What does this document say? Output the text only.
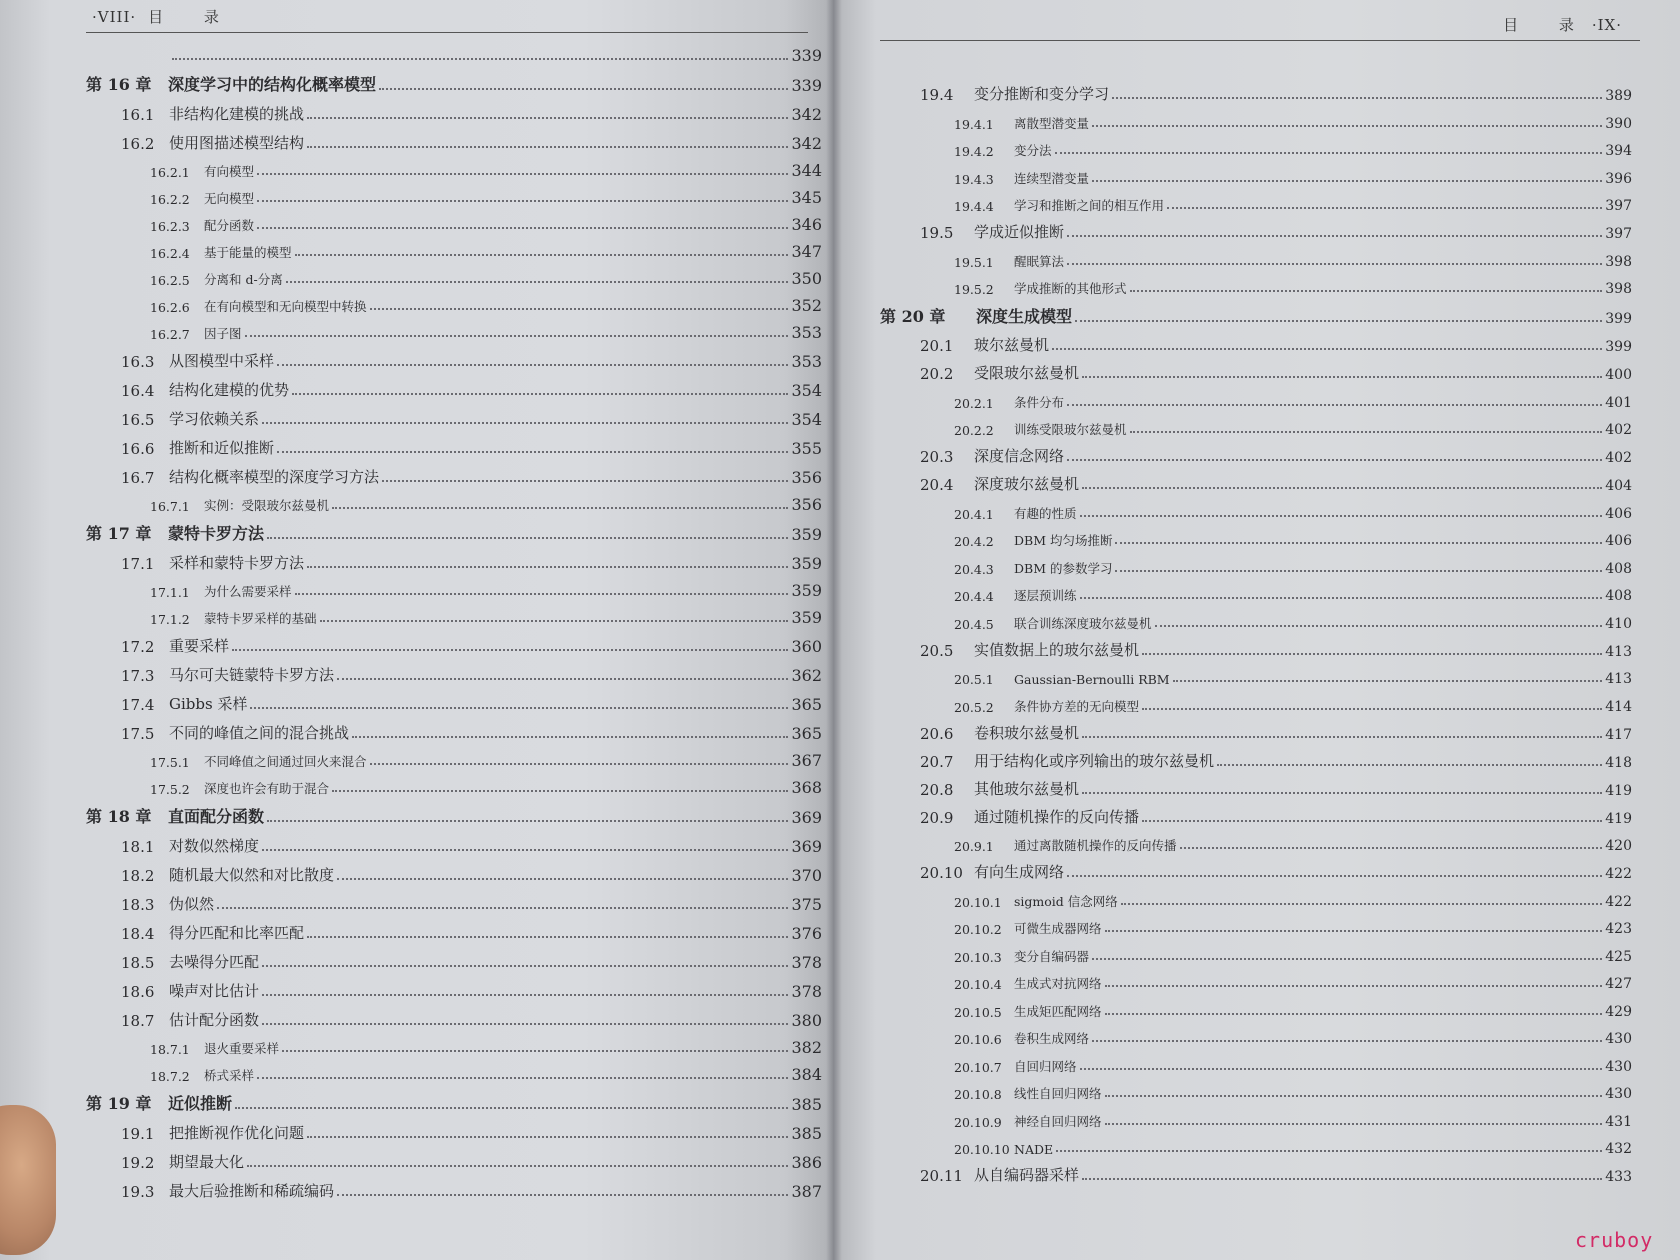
·VIII· 目 录
339
第 16 章	深度学习中的结构化概率模型	339
16.1 非结构化建模的挑战	342
16.2 使用图描述模型结构	342
16.2.1	有向模型	344
16.2.2	无向模型	345
16.2.3	配分函数	346
16.2.4	基于能量的模型	347
16.2.5	分离和 d-分离	350
16.2.6	在有向模型和无向模型中转换	352
16.2.7	因子图	353
16.3 从图模型中采样	353
16.4 结构化建模的优势	354
16.5 学习依赖关系	354
16.6 推断和近似推断	355
16.7 结构化概率模型的深度学习方法	356
16.7.1	实例：受限玻尔兹曼机	356
第 17 章	蒙特卡罗方法	359
17.1 采样和蒙特卡罗方法	359
17.1.1	为什么需要采样	359
17.1.2	蒙特卡罗采样的基础	359
17.2 重要采样	360
17.3 马尔可夫链蒙特卡罗方法	362
17.4 Gibbs 采样	365
17.5 不同的峰值之间的混合挑战	365
17.5.1	不同峰值之间通过回火来混合	367
17.5.2	深度也许会有助于混合	368
第 18 章	直面配分函数	369
18.1 对数似然梯度	369
18.2 随机最大似然和对比散度	370
18.3 伪似然	375
18.4 得分匹配和比率匹配	376
18.5 去噪得分匹配	378
18.6 噪声对比估计	378
18.7 估计配分函数	380
18.7.1	退火重要采样	382
18.7.2	桥式采样	384
第 19 章	近似推断	385
19.1 把推断视作优化问题	385
19.2 期望最大化	386
19.3 最大后验推断和稀疏编码	387
目 录·IX·
19.4	变分推断和变分学习	389
19.4.1	离散型潜变量	390
19.4.2	变分法	394
19.4.3	连续型潜变量	396
19.4.4	学习和推断之间的相互作用	397
19.5	学成近似推断	397
19.5.1	醒眠算法	398
19.5.2	学成推断的其他形式	398
第 20 章	深度生成模型	399
20.1	玻尔兹曼机	399
20.2	受限玻尔兹曼机	400
20.2.1	条件分布	401
20.2.2	训练受限玻尔兹曼机	402
20.3	深度信念网络	402
20.4	深度玻尔兹曼机	404
20.4.1	有趣的性质	406
20.4.2	DBM 均匀场推断	406
20.4.3	DBM 的参数学习	408
20.4.4	逐层预训练	408
20.4.5	联合训练深度玻尔兹曼机	410
20.5	实值数据上的玻尔兹曼机	413
20.5.1	Gaussian-Bernoulli RBM	413
20.5.2	条件协方差的无向模型	414
20.6	卷积玻尔兹曼机	417
20.7	用于结构化或序列输出的玻尔兹曼机	418
20.8	其他玻尔兹曼机	419
20.9	通过随机操作的反向传播	419
20.9.1	通过离散随机操作的反向传播	420
20.10 有向生成网络	422
20.10.1 sigmoid 信念网络	422
20.10.2 可微生成器网络	423
20.10.3 变分自编码器	425
20.10.4 生成式对抗网络	427
20.10.5 生成矩匹配网络	429
20.10.6 卷积生成网络	430
20.10.7 自回归网络	430
20.10.8 线性自回归网络	430
20.10.9 神经自回归网络	431
20.10.10 NADE	432
20.11 从自编码器采样	433
cruboy
